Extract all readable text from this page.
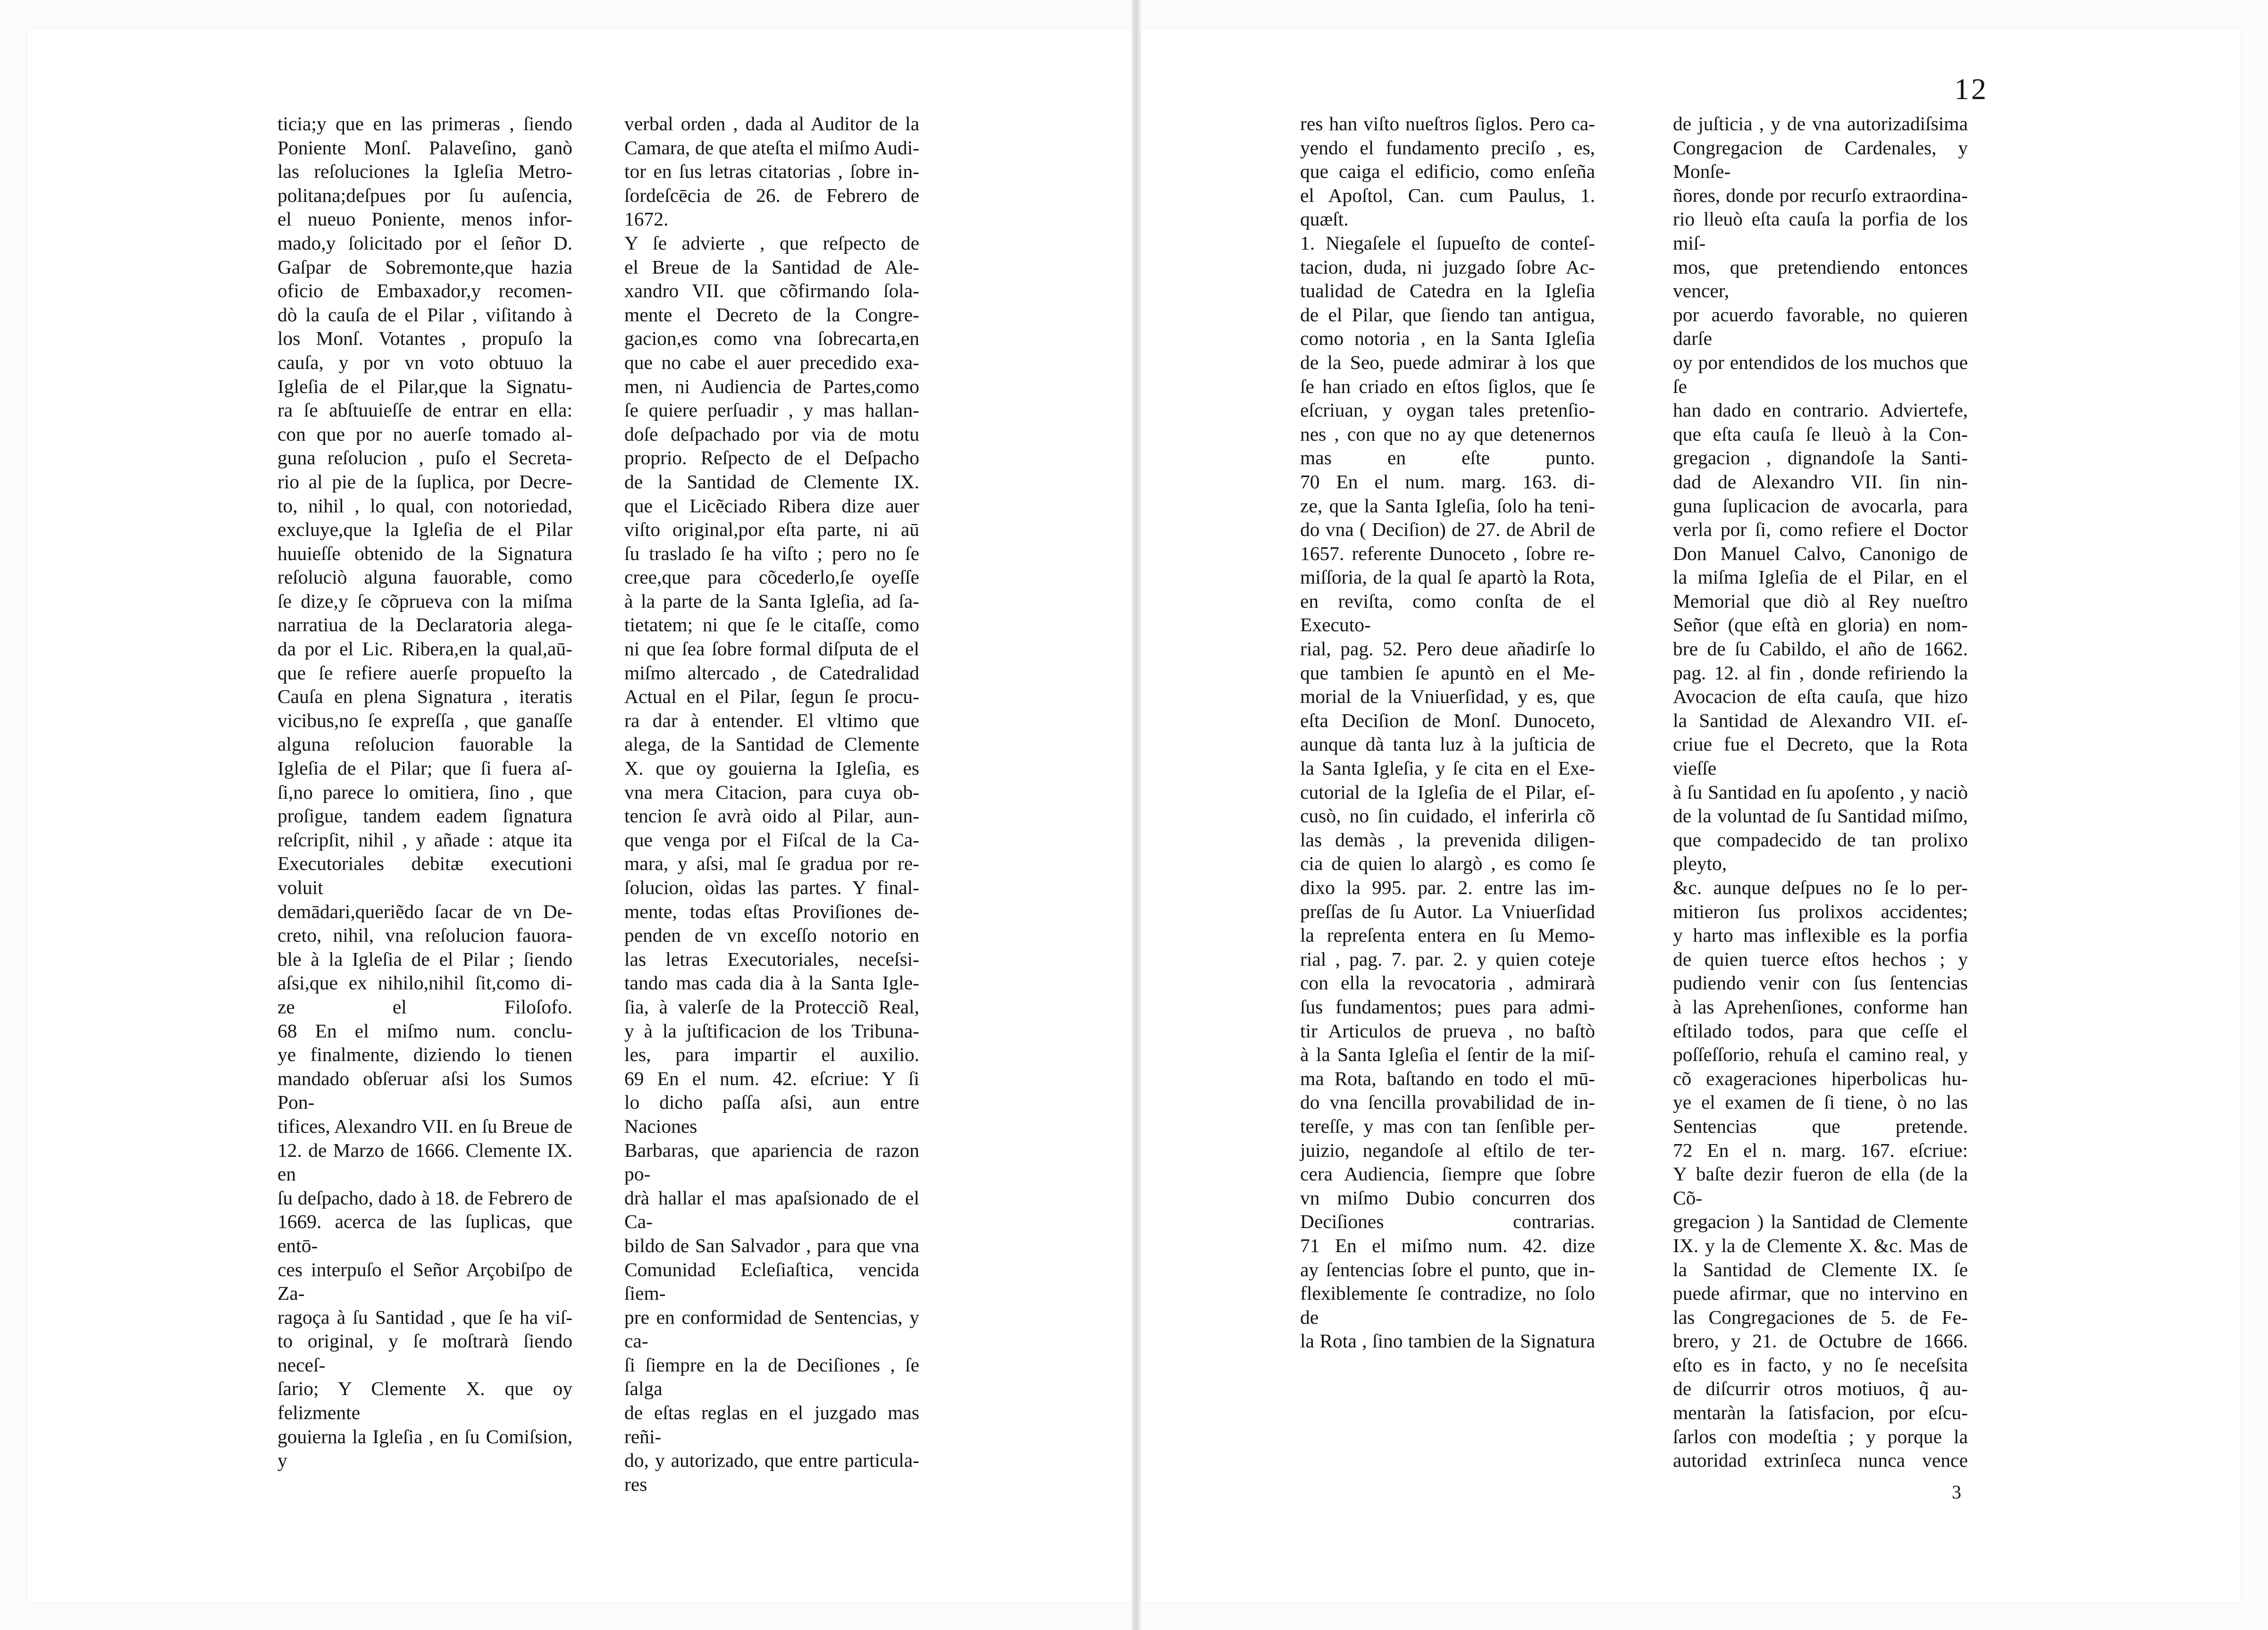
ticia;y que en las primeras , ſiendo

Poniente Monſ. Palaveſino, ganò

las reſoluciones la Igleſia Metro-

politana;deſpues por ſu auſencia,

el nueuo Poniente, menos infor-

mado,y ſolicitado por el ſeñor D.

Gaſpar de Sobremonte,que hazia

oficio de Embaxador,y recomen-

dò la cauſa de el Pilar , viſitando à

los Monſ. Votantes , propuſo la

cauſa, y por vn voto obtuuo la

Igleſia de el Pilar,que la Signatu-

ra ſe abſtuuieſſe de entrar en ella:

con que por no auerſe tomado al-

guna reſolucion , puſo el Secreta-

rio al pie de la ſuplica, por Decre-

to, nihil , lo qual, con notoriedad,

excluye,que la Igleſia de el Pilar

huuieſſe obtenido de la Signatura

reſoluciò alguna fauorable, como

ſe dize,y ſe cõprueva con la miſma

narratiua de la Declaratoria alega-

da por el Lic. Ribera,en la qual,aū-

que ſe refiere auerſe propueſto la

Cauſa en plena Signatura , iteratis

vicibus,no ſe expreſſa , que ganaſſe

alguna reſolucion fauorable la

Igleſia de el Pilar; que ſi fuera aſ-

ſi,no parece lo omitiera, ſino , que

proſigue, tandem eadem ſignatura

reſcripſit, nihil , y añade : atque ita

Executoriales debitæ executioni voluit

demādari,queriẽdo ſacar de vn De-

creto, nihil, vna reſolucion fauora-

ble à la Igleſia de el Pilar ; ſiendo

aſsi,que ex nihilo,nihil ſit,como di-

ze el Filoſofo.

68 En el miſmo num. conclu-

ye finalmente, diziendo lo tienen

mandado obſeruar aſsi los Sumos Pon-

tifices, Alexandro VII. en ſu Breue de

12. de Marzo de 1666. Clemente IX. en

ſu deſpacho, dado à 18. de Febrero de

1669. acerca de las ſuplicas, que entō-

ces interpuſo el Señor Arçobiſpo de Za-

ragoça à ſu Santidad , que ſe ha viſ-

to original, y ſe moſtrarà ſiendo neceſ-

ſario; Y Clemente X. que oy felizmente

gouierna la Igleſia , en ſu Comiſsion, y

verbal orden , dada al Auditor de la

Camara, de que ateſta el miſmo Audi-

tor en ſus letras citatorias , ſobre in-

ſordeſcēcia de 26. de Febrero de 1672.

Y ſe advierte , que reſpecto de

el Breue de la Santidad de Ale-

xandro VII. que cõfirmando ſola-

mente el Decreto de la Congre-

gacion,es como vna ſobrecarta,en

que no cabe el auer precedido exa-

men, ni Audiencia de Partes,como

ſe quiere perſuadir , y mas hallan-

doſe deſpachado por via de motu

proprio. Reſpecto de el Deſpacho

de la Santidad de Clemente IX.

que el Licẽciado Ribera dize auer

viſto original,por eſta parte, ni aū

ſu traslado ſe ha viſto ; pero no ſe

cree,que para cõcederlo,ſe oyeſſe

à la parte de la Santa Igleſia, ad ſa-

tietatem; ni que ſe le citaſſe, como

ni que ſea ſobre formal diſputa de el

miſmo altercado , de Catedralidad

Actual en el Pilar, ſegun ſe procu-

ra dar à entender. El vltimo que

alega, de la Santidad de Clemente

X. que oy gouierna la Igleſia, es

vna mera Citacion, para cuya ob-

tencion ſe avrà oido al Pilar, aun-

que venga por el Fiſcal de la Ca-

mara, y aſsi, mal ſe gradua por re-

ſolucion, oìdas las partes. Y final-

mente, todas eſtas Proviſiones de-

penden de vn exceſſo notorio en

las letras Executoriales, neceſsi-

tando mas cada dia à la Santa Igle-

ſia, à valerſe de la Protecciõ Real,

y à la juſtificacion de los Tribuna-

les, para impartir el auxilio.

69 En el num. 42. eſcriue: Y ſi

lo dicho paſſa aſsi, aun entre Naciones

Barbaras, que apariencia de razon po-

drà hallar el mas apaſsionado de el Ca-

bildo de San Salvador , para que vna

Comunidad Ecleſiaſtica, vencida ſiem-

pre en conformidad de Sentencias, y ca-

ſi ſiempre en la de Deciſiones , ſe ſalga

de eſtas reglas en el juzgado mas reñi-

do, y autorizado, que entre particula-

res

12

res han viſto nueſtros ſiglos. Pero ca-

yendo el fundamento preciſo , es,

que caiga el edificio, como enſeña

el Apoſtol, Can. cum Paulus, 1. quæſt.

1. Niegaſele el ſupueſto de conteſ-

tacion, duda, ni juzgado ſobre Ac-

tualidad de Catedra en la Igleſia

de el Pilar, que ſiendo tan antigua,

como notoria , en la Santa Igleſia

de la Seo, puede admirar à los que

ſe han criado en eſtos ſiglos, que ſe

eſcriuan, y oygan tales pretenſio-

nes , con que no ay que detenernos

mas en eſte punto.

70 En el num. marg. 163. di-

ze, que la Santa Igleſia, ſolo ha teni-

do vna ( Deciſion) de 27. de Abril de

1657. referente Dunoceto , ſobre re-

miſſoria, de la qual ſe apartò la Rota,

en reviſta, como conſta de el Executo-

rial, pag. 52. Pero deue añadirſe lo

que tambien ſe apuntò en el Me-

morial de la Vniuerſidad, y es, que

eſta Deciſion de Monſ. Dunoceto,

aunque dà tanta luz à la juſticia de

la Santa Igleſia, y ſe cita en el Exe-

cutorial de la Igleſia de el Pilar, eſ-

cusò, no ſin cuidado, el inferirla cõ

las demàs , la prevenida diligen-

cia de quien lo alargò , es como ſe

dixo la 995. par. 2. entre las im-

preſſas de ſu Autor. La Vniuerſidad

la repreſenta entera en ſu Memo-

rial , pag. 7. par. 2. y quien coteje

con ella la revocatoria , admirarà

ſus fundamentos; pues para admi-

tir Articulos de prueva , no baſtò

à la Santa Igleſia el ſentir de la miſ-

ma Rota, baſtando en todo el mū-

do vna ſencilla provabilidad de in-

tereſſe, y mas con tan ſenſible per-

juizio, negandoſe al eſtilo de ter-

cera Audiencia, ſiempre que ſobre

vn miſmo Dubio concurren dos

Deciſiones contrarias.

71 En el miſmo num. 42. dize

ay ſentencias ſobre el punto, que in-

flexiblemente ſe contradize, no ſolo de

la Rota , ſino tambien de la Signatura

de juſticia , y de vna autorizadiſsima

Congregacion de Cardenales, y Monſe-

ñores, donde por recurſo extraordina-

rio lleuò eſta cauſa la porfia de los miſ-

mos, que pretendiendo entonces vencer,

por acuerdo favorable, no quieren darſe

oy por entendidos de los muchos que ſe

han dado en contrario. Adviertefe,

que eſta cauſa ſe lleuò à la Con-

gregacion , dignandoſe la Santi-

dad de Alexandro VII. ſin nin-

guna ſuplicacion de avocarla, para

verla por ſi, como refiere el Doctor

Don Manuel Calvo, Canonigo de

la miſma Igleſia de el Pilar, en el

Memorial que diò al Rey nueſtro

Señor (que eſtà en gloria) en nom-

bre de ſu Cabildo, el año de 1662.

pag. 12. al fin , donde refiriendo la

Avocacion de eſta cauſa, que hizo

la Santidad de Alexandro VII. eſ-

criue fue el Decreto, que la Rota vieſſe

à ſu Santidad en ſu apoſento , y naciò

de la voluntad de ſu Santidad miſmo,

que compadecido de tan prolixo pleyto,

&c. aunque deſpues no ſe lo per-

mitieron ſus prolixos accidentes;

y harto mas inflexible es la porfia

de quien tuerce eſtos hechos ; y

pudiendo venir con ſus ſentencias

à las Aprehenſiones, conforme han

eſtilado todos, para que ceſſe el

poſſeſſorio, rehuſa el camino real, y

cõ exageraciones hiperbolicas hu-

ye el examen de ſi tiene, ò no las

Sentencias que pretende.

72 En el n. marg. 167. eſcriue:

Y baſte dezir fueron de ella (de la Cõ-

gregacion ) la Santidad de Clemente

IX. y la de Clemente X. &c. Mas de

la Santidad de Clemente IX. ſe

puede afirmar, que no intervino en

las Congregaciones de 5. de Fe-

brero, y 21. de Octubre de 1666.

eſto es in facto, y no ſe neceſsita

de diſcurrir otros motiuos, q̃ au-

mentaràn la ſatisfacion, por eſcu-

ſarlos con modeſtia ; y porque la

autoridad extrinſeca nunca vence

3
